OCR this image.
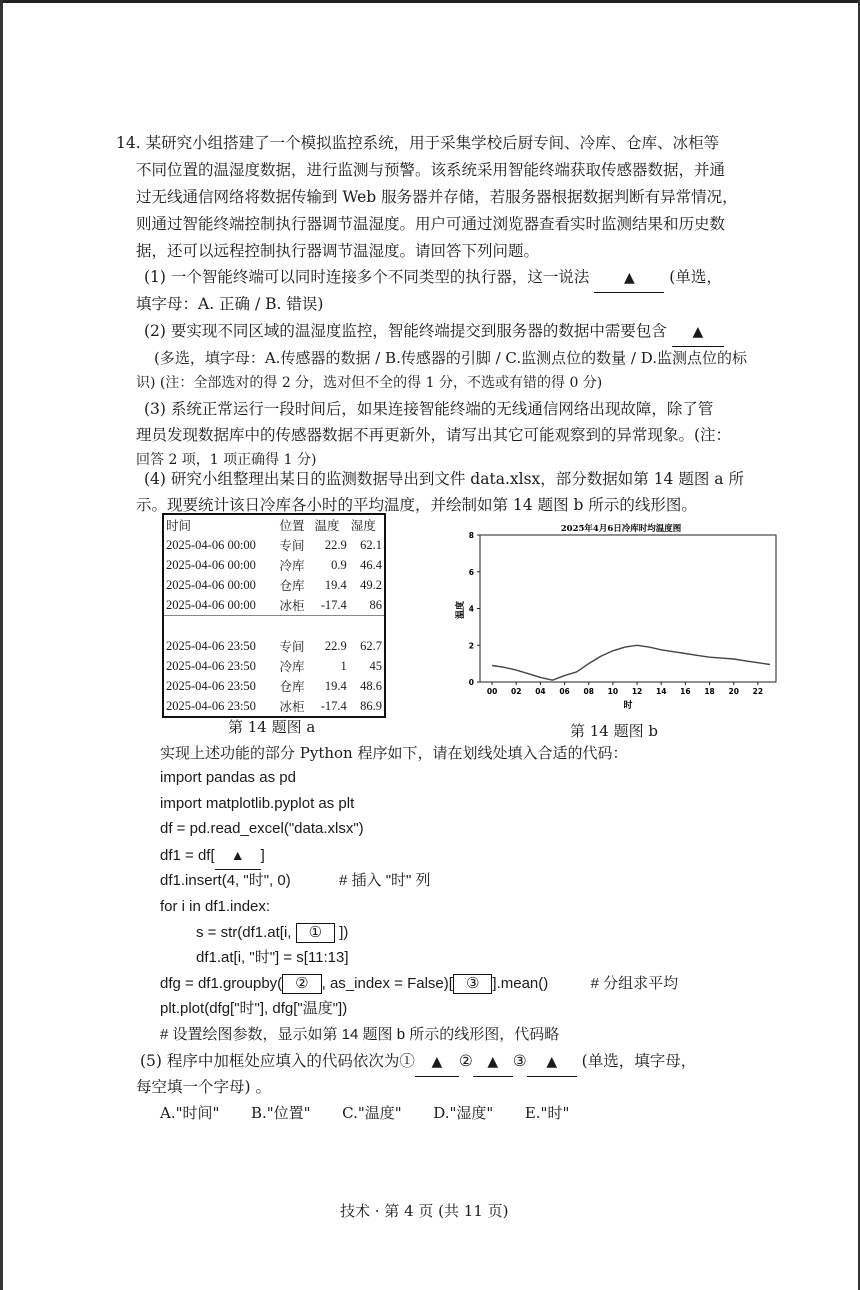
14. 某研究小组搭建了一个模拟监控系统，用于采集学校后厨专间、冷库、仓库、冰柜等
不同位置的温湿度数据，进行监测与预警。该系统采用智能终端获取传感器数据，并通
过无线通信网络将数据传输到 Web 服务器并存储，若服务器根据数据判断有异常情况，
则通过智能终端控制执行器调节温湿度。用户可通过浏览器查看实时监测结果和历史数
据，还可以远程控制执行器调节温湿度。请回答下列问题。
(1) 一个智能终端可以同时连接多个不同类型的执行器，这一说法 ▲ (单选，
填字母：A. 正确 / B. 错误)
(2) 要实现不同区域的温湿度监控，智能终端提交到服务器的数据中需要包含 ▲
(多选，填字母：A.传感器的数据 / B.传感器的引脚 / C.监测点位的数量 / D.监测点位的标
识) (注：全部选对的得 2 分，选对但不全的得 1 分，不选或有错的得 0 分)
(3) 系统正常运行一段时间后，如果连接智能终端的无线通信网络出现故障，除了管
理员发现数据库中的传感器数据不再更新外，请写出其它可能观察到的异常现象。(注：
回答 2 项，1 项正确得 1 分)
(4) 研究小组整理出某日的监测数据导出到文件 data.xlsx，部分数据如第 14 题图 a 所
示。现要统计该日冷库各小时的平均温度，并绘制如第 14 题图 b 所示的线形图。
时间	位置	温度	湿度
2025-04-06 00:00	专间	22.9	62.1
2025-04-06 00:00	冷库	0.9	46.4
2025-04-06 00:00	仓库	19.4	49.2
2025-04-06 00:00	冰柜	-17.4	86

2025-04-06 23:50	专间	22.9	62.7
2025-04-06 23:50	冷库	1	45
2025-04-06 23:50	仓库	19.4	48.6
2025-04-06 23:50	冰柜	-17.4	86.9
第 14 题图 a
2025年4月6日冷库时均温度图
温度
时
00 02 04 06 08 10 12 14 16 18 20 22
0
2
4
6
8
第 14 题图 b
实现上述功能的部分 Python 程序如下，请在划线处填入合适的代码：
import pandas as pd
import matplotlib.pyplot as plt
df = pd.read_excel("data.xlsx")
df1 = df[ ▲ ]
df1.insert(4, "时", 0)	# 插入 "时" 列
for i in df1.index:
s = str(df1.at[i, ① ])
df1.at[i, "时"] = s[11:13]
dfg = df1.groupby( ② , as_index = False)[ ③ ].mean()	# 分组求平均
plt.plot(dfg["时"], dfg["温度"])
# 设置绘图参数，显示如第 14 题图 b 所示的线形图，代码略
(5) 程序中加框处应填入的代码依次为① ▲ ② ▲ ③ ▲ (单选，填字母，
每空填一个字母) 。
A."时间" B."位置" C."温度" D."湿度" E."时"
技术 · 第 4 页 (共 11 页)
